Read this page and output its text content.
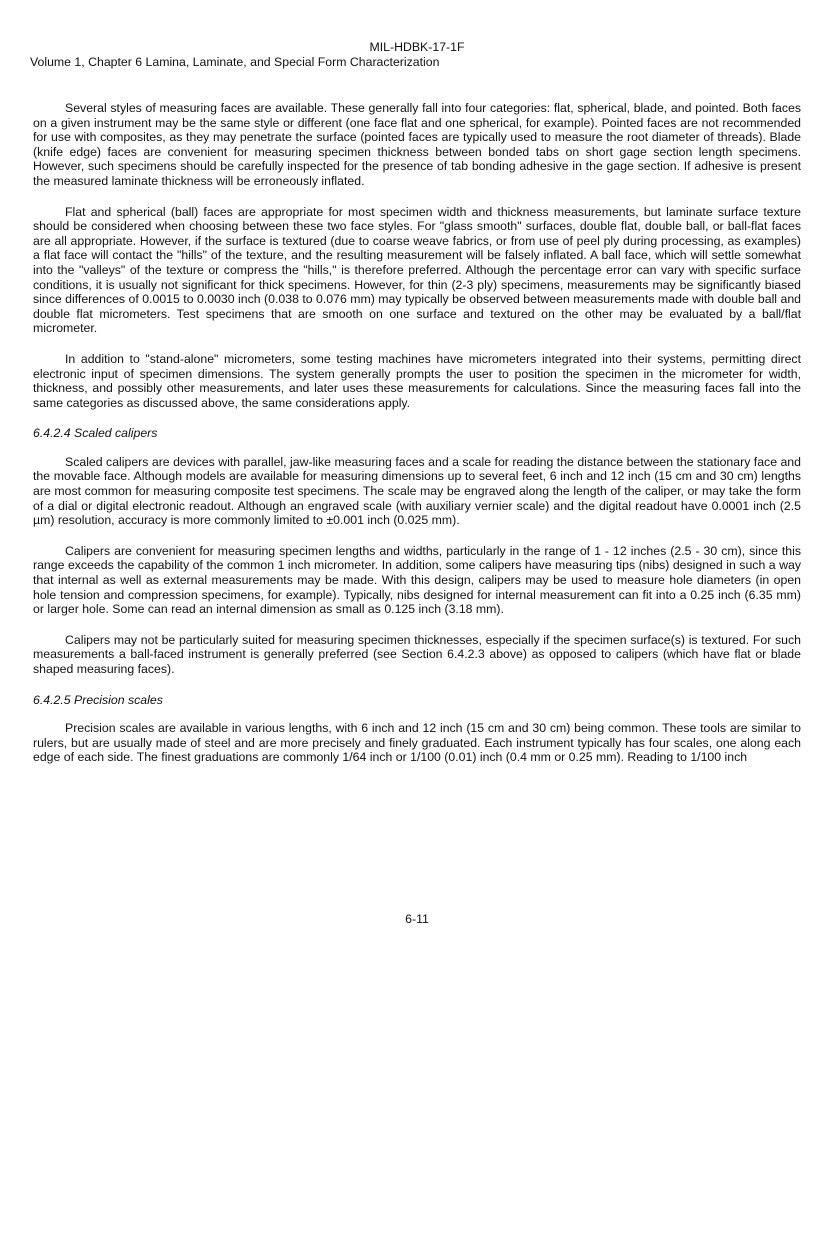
MIL-HDBK-17-1F
Volume 1, Chapter 6 Lamina, Laminate, and Special Form Characterization

Several styles of measuring faces are available. These generally fall into four categories: flat, spherical, blade, and pointed. Both faces on a given instrument may be the same style or different (one face flat and one spherical, for example). Pointed faces are not recommended for use with composites, as they may penetrate the surface (pointed faces are typically used to measure the root diameter of threads). Blade (knife edge) faces are convenient for measuring specimen thickness between bonded tabs on short gage section length specimens. However, such specimens should be carefully inspected for the presence of tab bonding adhesive in the gage section. If adhesive is present the measured laminate thickness will be erroneously inflated.

Flat and spherical (ball) faces are appropriate for most specimen width and thickness measurements, but laminate surface texture should be considered when choosing between these two face styles. For "glass smooth" surfaces, double flat, double ball, or ball-flat faces are all appropriate. However, if the surface is textured (due to coarse weave fabrics, or from use of peel ply during processing, as examples) a flat face will contact the "hills" of the texture, and the resulting measurement will be falsely inflated. A ball face, which will settle somewhat into the "valleys" of the texture or compress the "hills," is therefore preferred. Although the percentage error can vary with specific surface conditions, it is usually not significant for thick specimens. However, for thin (2-3 ply) specimens, measurements may be significantly biased since differences of 0.0015 to 0.0030 inch (0.038 to 0.076 mm) may typically be observed between measurements made with double ball and double flat micrometers. Test specimens that are smooth on one surface and textured on the other may be evaluated by a ball/flat micrometer.

In addition to "stand-alone" micrometers, some testing machines have micrometers integrated into their systems, permitting direct electronic input of specimen dimensions. The system generally prompts the user to position the specimen in the micrometer for width, thickness, and possibly other measurements, and later uses these measurements for calculations. Since the measuring faces fall into the same categories as discussed above, the same considerations apply.

6.4.2.4 Scaled calipers

Scaled calipers are devices with parallel, jaw-like measuring faces and a scale for reading the distance between the stationary face and the movable face. Although models are available for measuring dimensions up to several feet, 6 inch and 12 inch (15 cm and 30 cm) lengths are most common for measuring composite test specimens. The scale may be engraved along the length of the caliper, or may take the form of a dial or digital electronic readout. Although an engraved scale (with auxiliary vernier scale) and the digital readout have 0.0001 inch (2.5 µm) resolution, accuracy is more commonly limited to ±0.001 inch (0.025 mm).

Calipers are convenient for measuring specimen lengths and widths, particularly in the range of 1 - 12 inches (2.5 - 30 cm), since this range exceeds the capability of the common 1 inch micrometer. In addition, some calipers have measuring tips (nibs) designed in such a way that internal as well as external measurements may be made. With this design, calipers may be used to measure hole diameters (in open hole tension and compression specimens, for example). Typically, nibs designed for internal measurement can fit into a 0.25 inch (6.35 mm) or larger hole. Some can read an internal dimension as small as 0.125 inch (3.18 mm).

Calipers may not be particularly suited for measuring specimen thicknesses, especially if the specimen surface(s) is textured. For such measurements a ball-faced instrument is generally preferred (see Section 6.4.2.3 above) as opposed to calipers (which have flat or blade shaped measuring faces).

6.4.2.5 Precision scales

Precision scales are available in various lengths, with 6 inch and 12 inch (15 cm and 30 cm) being common. These tools are similar to rulers, but are usually made of steel and are more precisely and finely graduated. Each instrument typically has four scales, one along each edge of each side. The finest graduations are commonly 1/64 inch or 1/100 (0.01) inch (0.4 mm or 0.25 mm). Reading to 1/100 inch

6-11
